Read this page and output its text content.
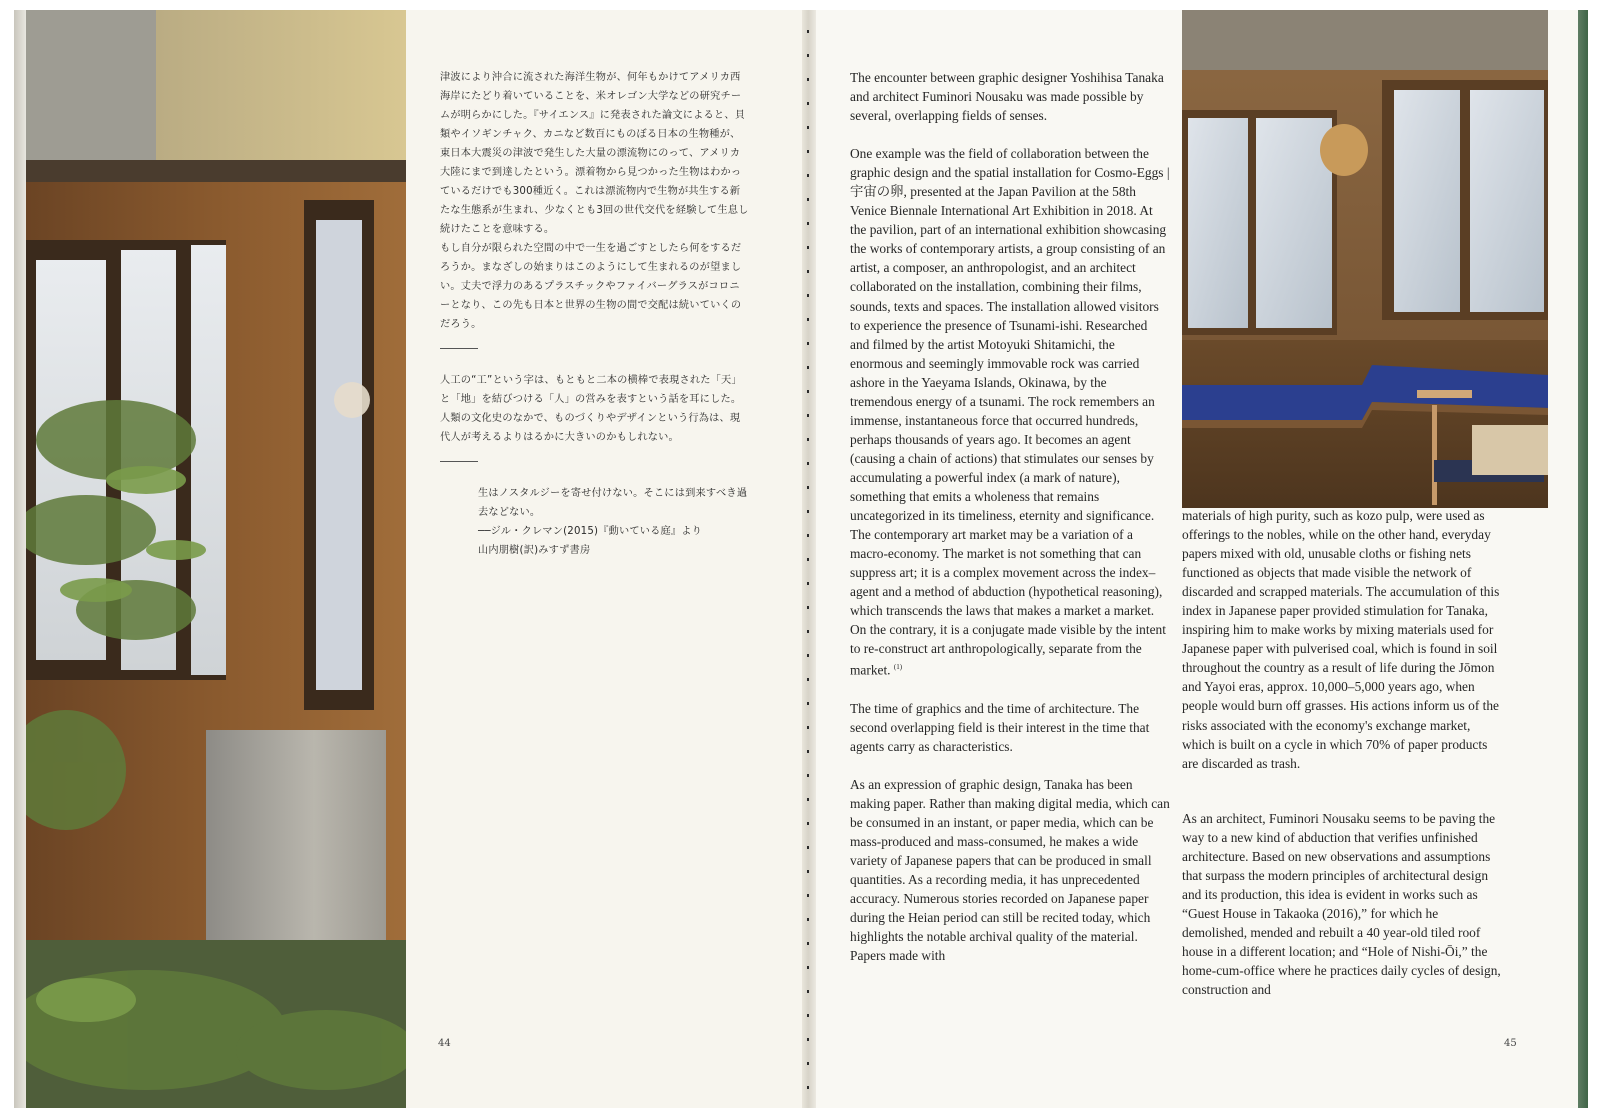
津波により沖合に流された海洋生物が、何年もかけてアメリカ西海岸にたどり着いていることを、米オレゴン大学などの研究チームが明らかにした。『サイエンス』に発表された論文によると、貝類やイソギンチャク、カニなど数百にものぼる日本の生物種が、東日本大震災の津波で発生した大量の漂流物にのって、アメリカ大陸にまで到達したという。漂着物から見つかった生物はわかっているだけでも300種近く。これは漂流物内で生物が共生する新たな生態系が生まれ、少なくとも3回の世代交代を経験して生息し続けたことを意味する。

もし自分が限られた空間の中で一生を過ごすとしたら何をするだろうか。まなざしの始まりはこのようにして生まれるのが望ましい。丈夫で浮力のあるプラスチックやファイバーグラスがコロニーとなり、この先も日本と世界の生物の間で交配は続いていくのだろう。

人工の“工”という字は、もともと二本の横棒で表現された「天」と「地」を結びつける「人」の営みを表すという話を耳にした。人類の文化史のなかで、ものづくりやデザインという行為は、現代人が考えるよりはるかに大きいのかもしれない。

生はノスタルジーを寄せ付けない。そこには到来すべき過去などない。

──ジル・クレマン(2015)『動いている庭』より

山内朋樹(訳)みすず書房

44

The encounter between graphic designer Yoshihisa Tanaka and architect Fuminori Nousaku was made possible by several, overlapping fields of senses.

One example was the field of collaboration between the graphic design and the spatial installation for Cosmo-Eggs | 宇宙の卵, presented at the Japan Pavilion at the 58th Venice Biennale International Art Exhibition in 2018. At the pavilion, part of an international exhibition showcasing the works of contemporary artists, a group consisting of an artist, a composer, an anthropologist, and an architect collaborated on the installation, combining their films, sounds, texts and spaces. The installation allowed visitors to experience the presence of Tsunami-ishi. Researched and filmed by the artist Motoyuki Shitamichi, the enormous and seemingly immovable rock was carried ashore in the Yaeyama Islands, Okinawa, by the tremendous energy of a tsunami. The rock remembers an immense, instantaneous force that occurred hundreds, perhaps thousands of years ago. It becomes an agent (causing a chain of actions) that stimulates our senses by accumulating a powerful index (a mark of nature), something that emits a wholeness that remains uncategorized in its timeliness, eternity and significance. The contemporary art market may be a variation of a macro-economy. The market is not something that can suppress art; it is a complex movement across the index–agent and a method of abduction (hypothetical reasoning), which transcends the laws that makes a market a market. On the contrary, it is a conjugate made visible by the intent to re-construct art anthropologically, separate from the market. $^{(1)}$

The time of graphics and the time of architecture. The second overlapping field is their interest in the time that agents carry as characteristics.

As an expression of graphic design, Tanaka has been making paper. Rather than making digital media, which can be consumed in an instant, or paper media, which can be mass-produced and mass-consumed, he makes a wide variety of Japanese papers that can be produced in small quantities. As a recording media, it has unprecedented accuracy. Numerous stories recorded on Japanese paper during the Heian period can still be recited today, which highlights the notable archival quality of the material. Papers made with

materials of high purity, such as kozo pulp, were used as offerings to the nobles, while on the other hand, everyday papers mixed with old, unusable cloths or fishing nets functioned as objects that made visible the network of discarded and scrapped materials. The accumulation of this index in Japanese paper provided stimulation for Tanaka, inspiring him to make works by mixing materials used for Japanese paper with pulverised coal, which is found in soil throughout the country as a result of life during the Jōmon and Yayoi eras, approx. 10,000–5,000 years ago, when people would burn off grasses. His actions inform us of the risks associated with the economy's exchange market, which is built on a cycle in which 70% of paper products are discarded as trash.

As an architect, Fuminori Nousaku seems to be paving the way to a new kind of abduction that verifies unfinished architecture. Based on new observations and assumptions that surpass the modern principles of architectural design and its production, this idea is evident in works such as “Guest House in Takaoka (2016),” for which he demolished, mended and rebuilt a 40 year-old tiled roof house in a different location; and “Hole of Nishi-Ōi,” the home-cum-office where he practices daily cycles of design, construction and

45
